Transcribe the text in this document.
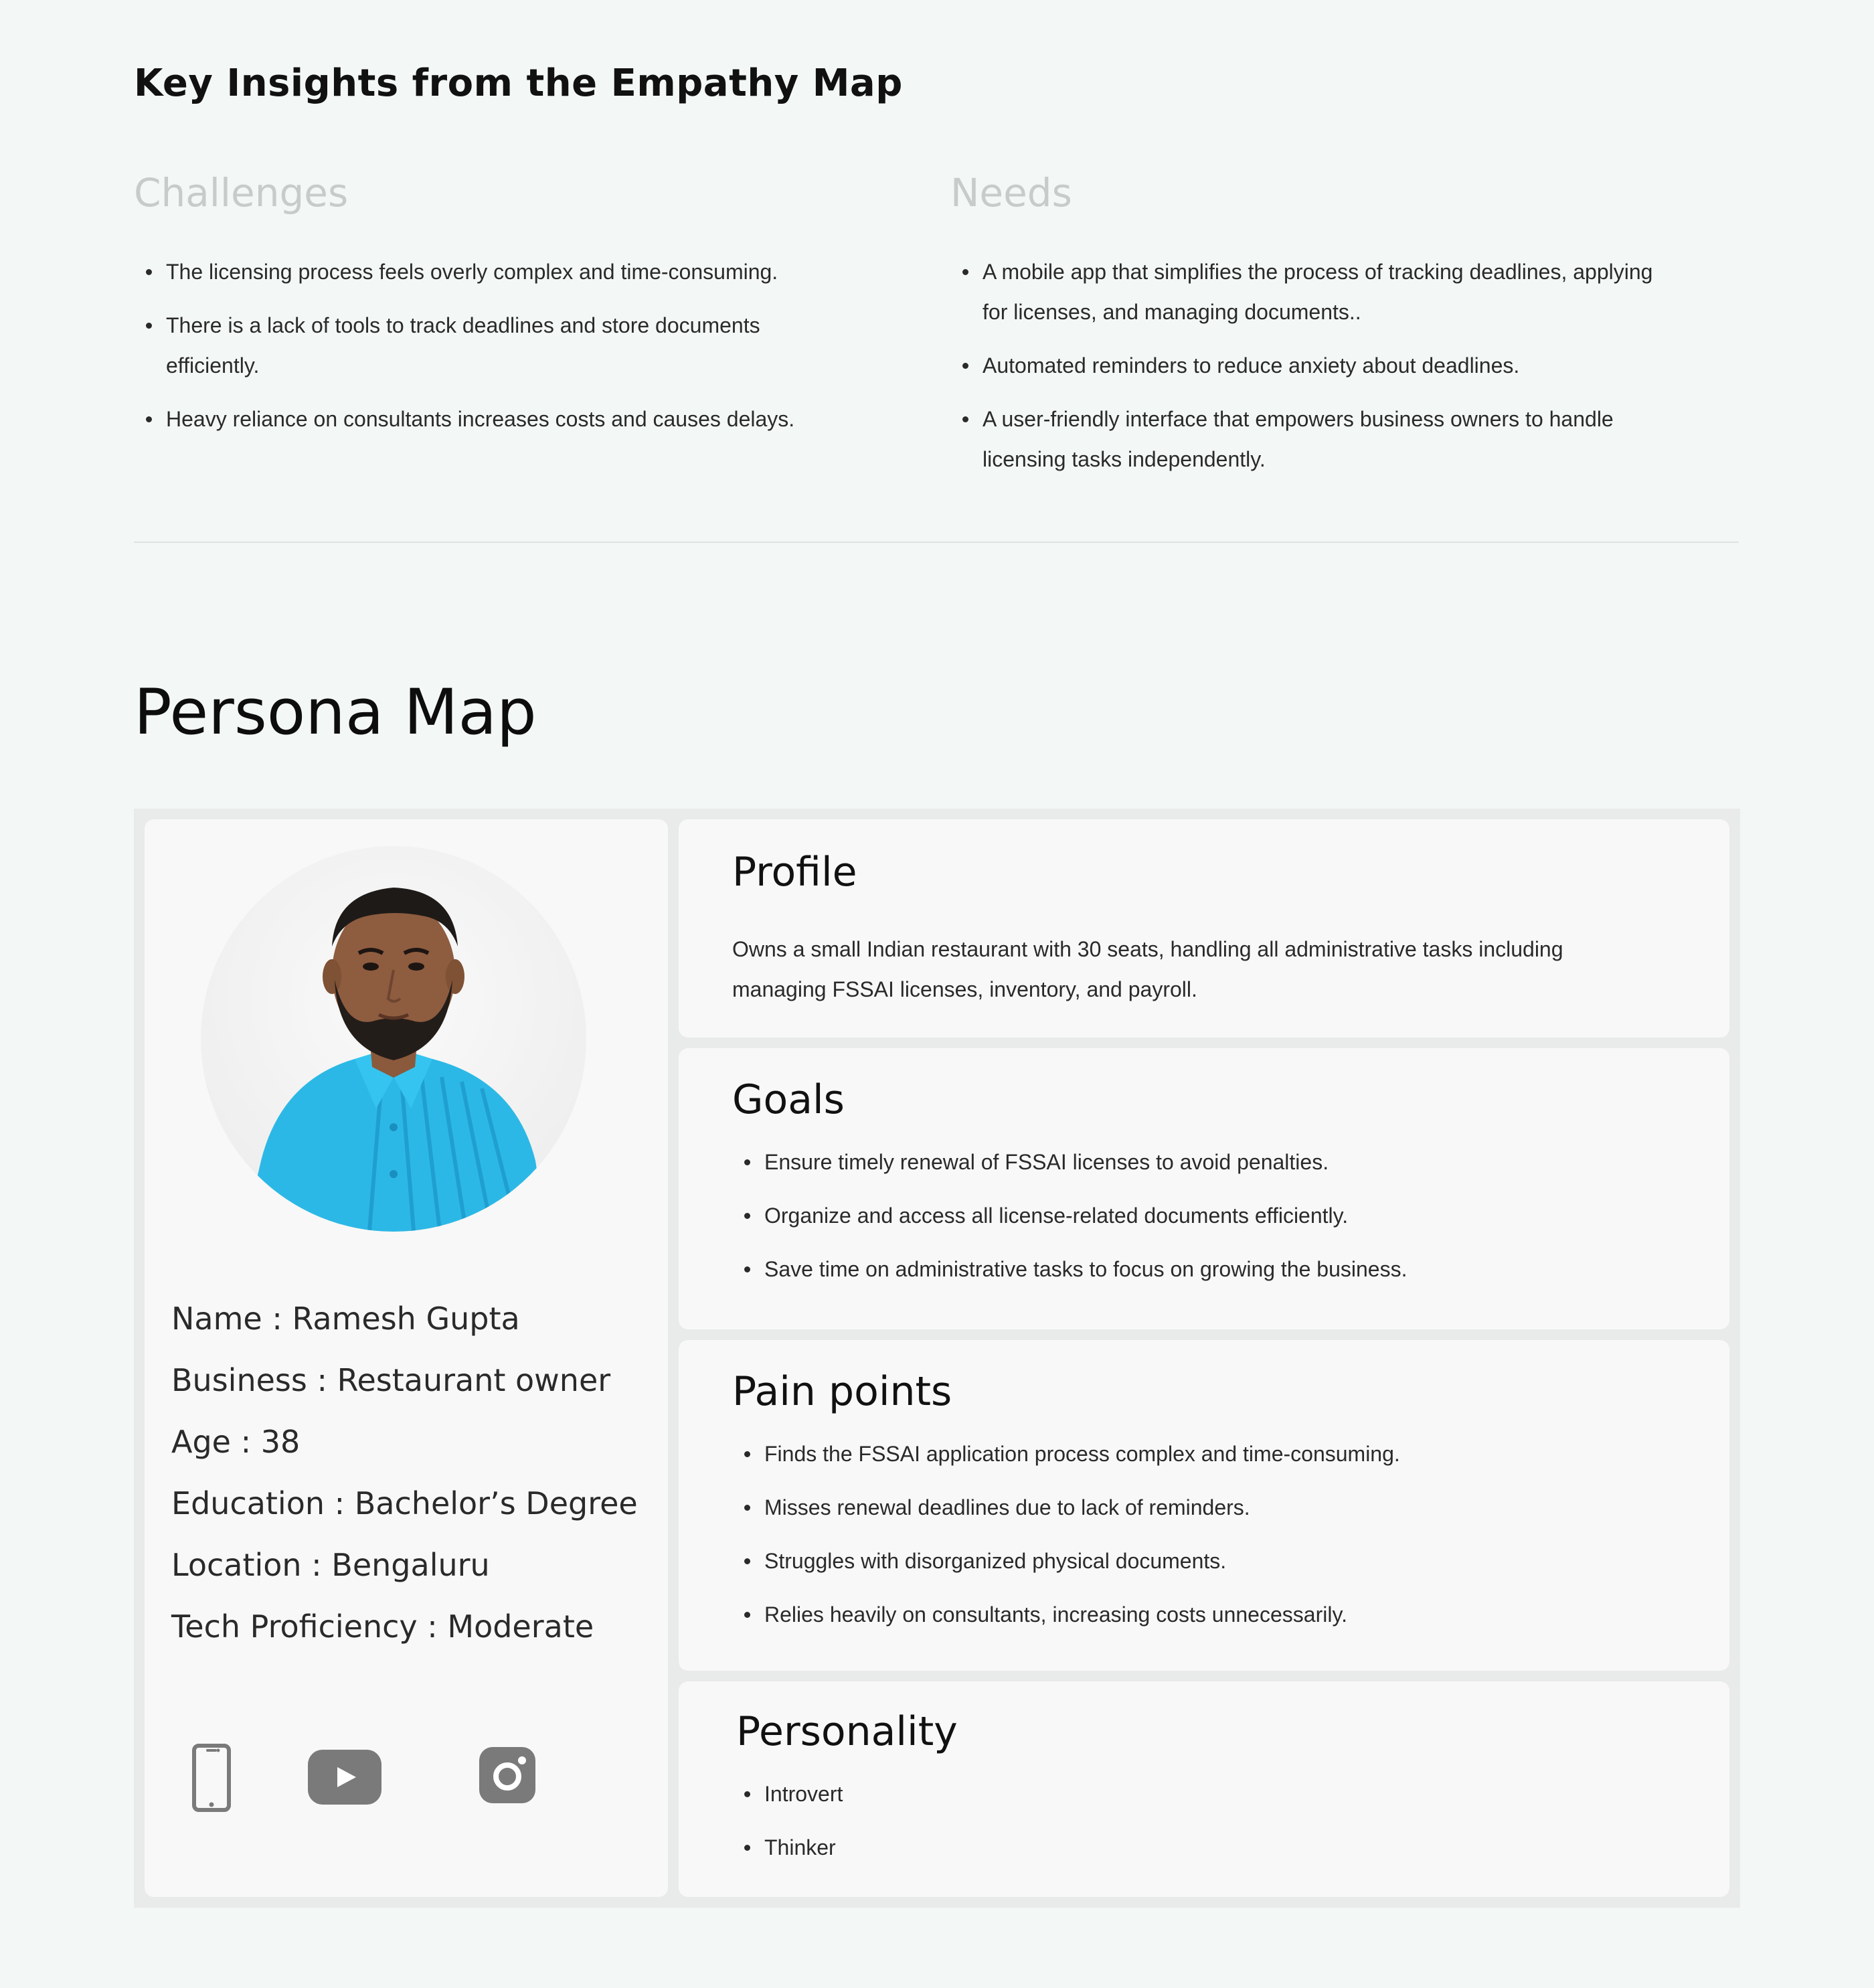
Key Insights from the Empathy Map
Challenges
The licensing process feels overly complex and time-consuming.
There is a lack of tools to track deadlines and store documents efficiently.
Heavy reliance on consultants increases costs and causes delays.
Needs
A mobile app that simplifies the process of tracking deadlines, applying for licenses, and managing documents..
Automated reminders to reduce anxiety about deadlines.
A user-friendly interface that empowers business owners to handle licensing tasks independently.
Persona Map
Name : Ramesh Gupta
Business : Restaurant owner
Age : 38
Education : Bachelor’s Degree
Location : Bengaluru
Tech Proficiency : Moderate
Profile

Owns a small Indian restaurant with 30 seats, handling all administrative tasks including managing FSSAI licenses, inventory, and payroll.

Goals
Ensure timely renewal of FSSAI licenses to avoid penalties.
Organize and access all license-related documents efficiently.
Save time on administrative tasks to focus on growing the business.
Pain points
Finds the FSSAI application process complex and time-consuming.
Misses renewal deadlines due to lack of reminders.
Struggles with disorganized physical documents.
Relies heavily on consultants, increasing costs unnecessarily.
Personality
Introvert
Thinker
